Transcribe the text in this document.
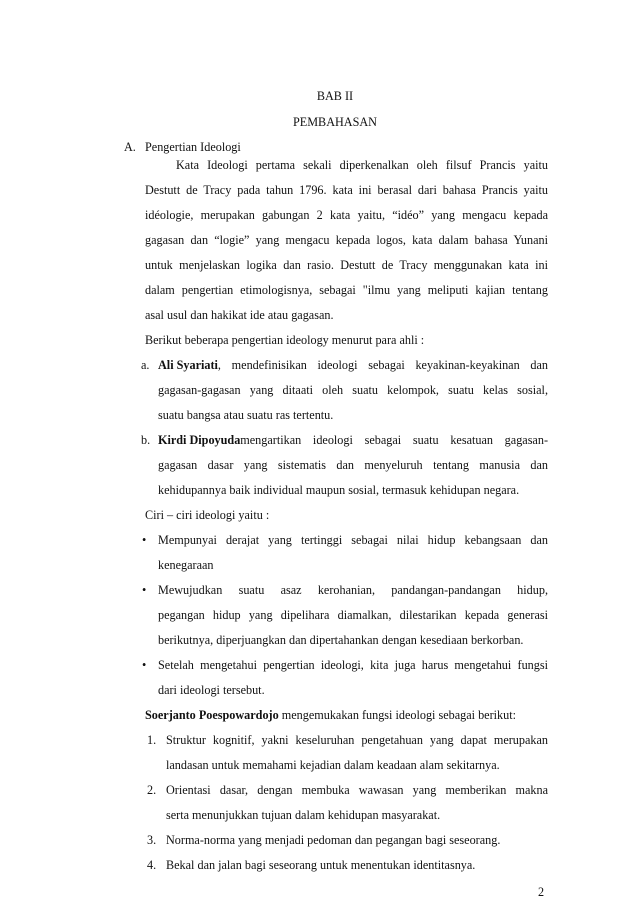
BAB II
PEMBAHASAN
A. Pengertian Ideologi
Kata Ideologi pertama sekali diperkenalkan oleh filsuf Prancis yaitu
Destutt de Tracy pada tahun 1796. kata ini berasal dari bahasa Prancis yaitu
idéologie, merupakan gabungan 2 kata yaitu, “idéo” yang mengacu kepada
gagasan dan “logie” yang mengacu kepada logos, kata dalam bahasa Yunani
untuk menjelaskan logika dan rasio. Destutt de Tracy menggunakan kata ini
dalam pengertian etimologisnya, sebagai "ilmu yang meliputi kajian tentang
asal usul dan hakikat ide atau gagasan.
Berikut beberapa pengertian ideology menurut para ahli :
a. Ali Syariati , mendefinisikan ideologi sebagai keyakinan-keyakinan dan
gagasan-gagasan yang ditaati oleh suatu kelompok, suatu kelas sosial,
suatu bangsa atau suatu ras tertentu.
b. Kirdi Dipoyuda mengartikan ideologi sebagai suatu kesatuan gagasan-
gagasan dasar yang sistematis dan menyeluruh tentang manusia dan
kehidupannya baik individual maupun sosial, termasuk kehidupan negara.
Ciri – ciri ideologi yaitu :
• Mempunyai derajat yang tertinggi sebagai nilai hidup kebangsaan dan
kenegaraan
• Mewujudkan suatu asaz kerohanian, pandangan-pandangan hidup,
pegangan hidup yang dipelihara diamalkan, dilestarikan kepada generasi
berikutnya, diperjuangkan dan dipertahankan dengan kesediaan berkorban.
• Setelah mengetahui pengertian ideologi, kita juga harus mengetahui fungsi
dari ideologi tersebut.
Soerjanto Poespowardojo mengemukakan fungsi ideologi sebagai berikut:
1. Struktur kognitif, yakni keseluruhan pengetahuan yang dapat merupakan
landasan untuk memahami kejadian dalam keadaan alam sekitarnya.
2. Orientasi dasar, dengan membuka wawasan yang memberikan makna
serta menunjukkan tujuan dalam kehidupan masyarakat.
3. Norma-norma yang menjadi pedoman dan pegangan bagi seseorang.
4. Bekal dan jalan bagi seseorang untuk menentukan identitasnya.
2
